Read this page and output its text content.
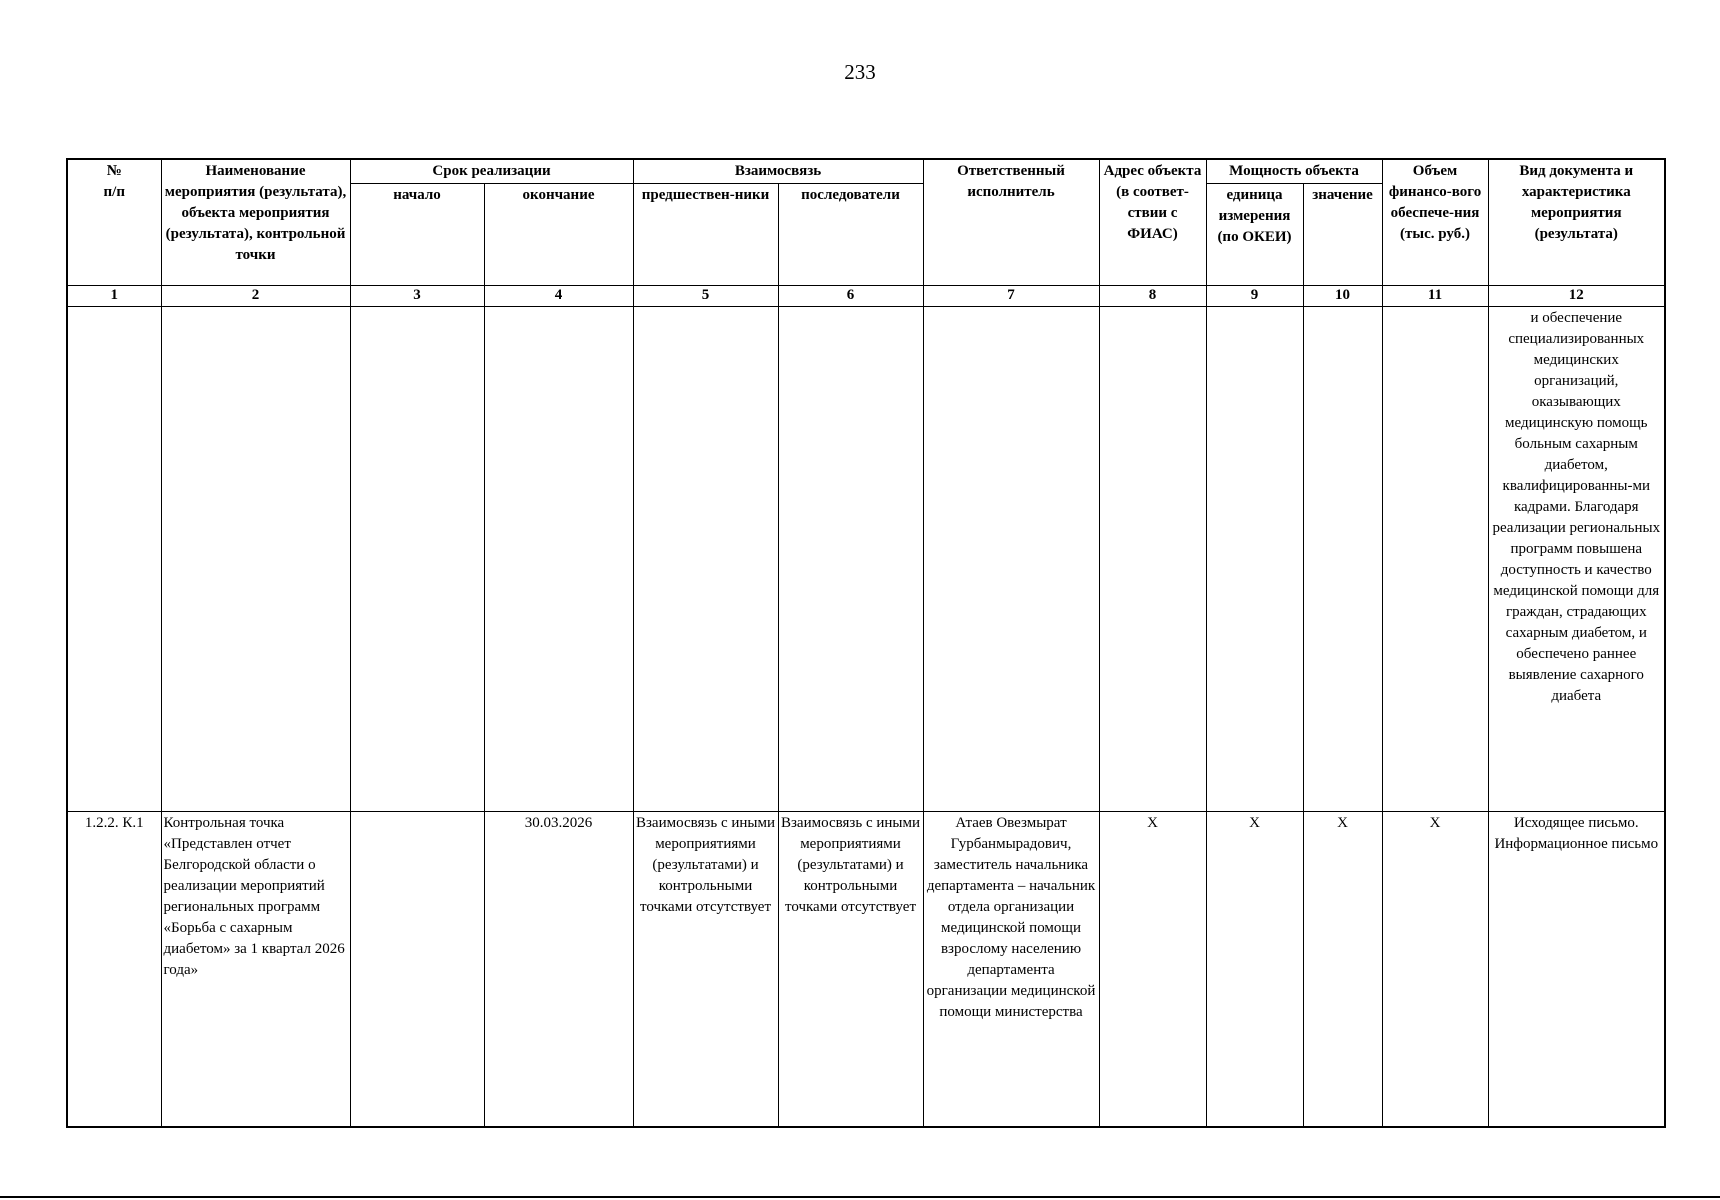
233
№
п/п	Наименование мероприятия (результата), объекта мероприятия (результата), контрольной точки	Срок реализации		Взаимосвязь		Ответственный исполнитель	Адрес объекта (в соответ-ствии с ФИАС)	Мощность объекта		Объем финансо-вого обеспече-ния (тыс. руб.)	Вид документа и характеристика мероприятия (результата)
		начало	окончание	предшествен-ники	последователи			единица измерения (по ОКЕИ)	значение		
1	2	3	4	5	6	7	8	9	10	11	12
											и обеспечение специализированных медицинских организаций, оказывающих медицинскую помощь больным сахарным диабетом, квалифицированны-ми кадрами. Благодаря реализации региональных программ повышена доступность и качество медицинской помощи для граждан, страдающих сахарным диабетом, и обеспечено раннее выявление сахарного диабета
1.2.2. К.1	Контрольная точка «Представлен отчет Белгородской области о реализации мероприятий региональных программ «Борьба с сахарным диабетом» за 1 квартал 2026 года»		30.03.2026	Взаимосвязь с иными мероприятиями (результатами) и контрольными точками отсутствует	Взаимосвязь с иными мероприятиями (результатами) и контрольными точками отсутствует	Атаев Овезмырат Гурбанмырадович, заместитель начальника департамента – начальник отдела организации медицинской помощи взрослому населению департамента организации медицинской помощи министерства	Х	Х	Х	Х	Исходящее письмо. Информационное письмо
